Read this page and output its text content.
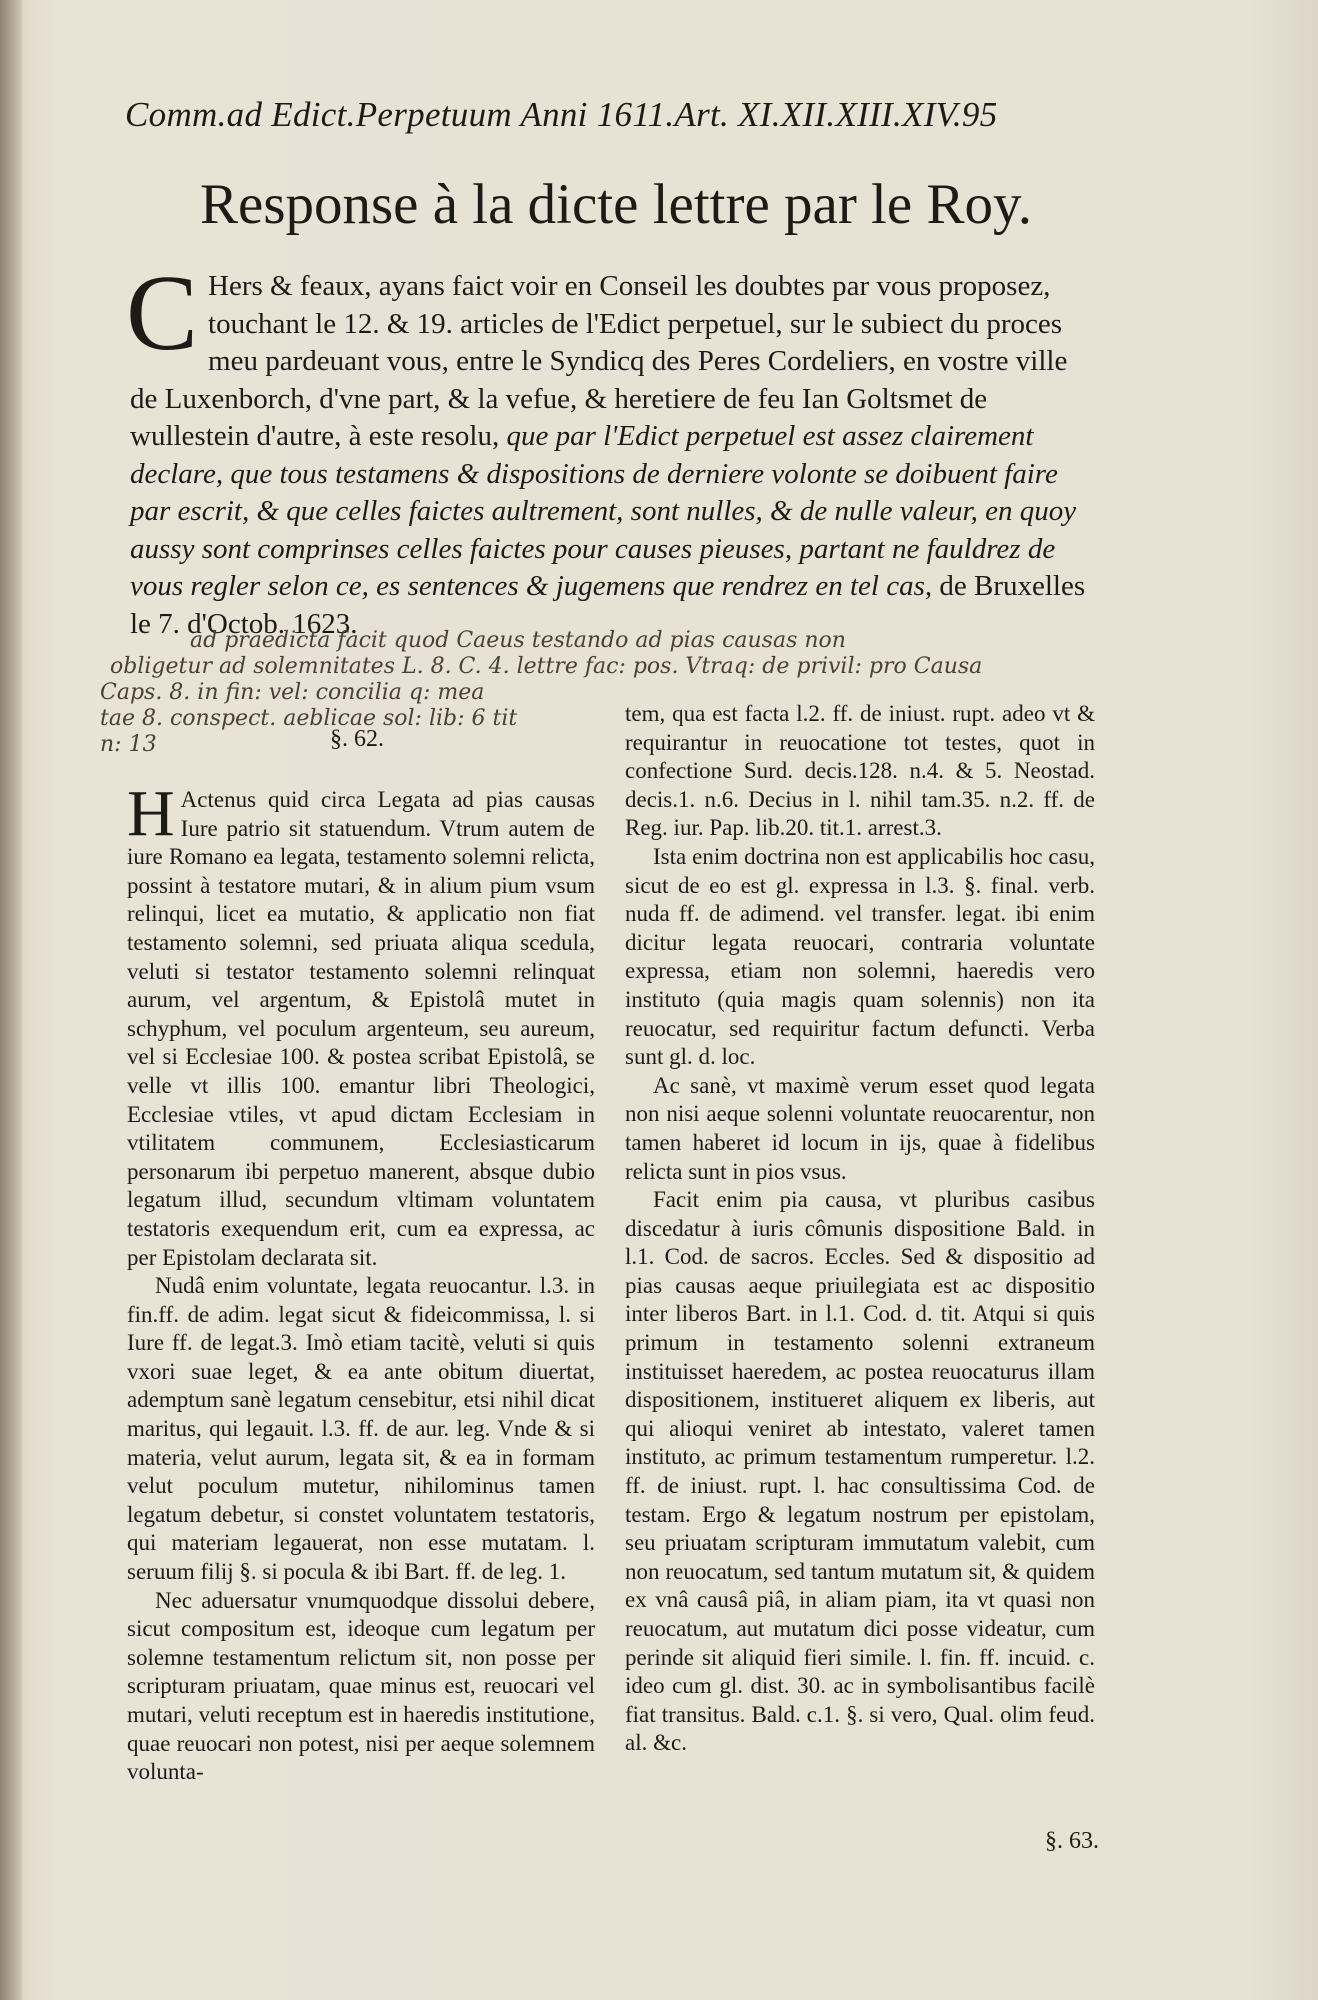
Comm.ad Edict.Perpetuum Anni 1611.Art. XI.XII.XIII.XIV.95
Response à la dicte lettre par le Roy.
C Hers & feaux, ayans faict voir en Conseil les doubtes par vous proposez, touchant le 12. & 19. articles de l'Edict perpetuel, sur le subiect du proces meu pardeuant vous, entre le Syndicq des Peres Cordeliers, en vostre ville de Luxenborch, d'vne part, & la vefue, & heretiere de feu Ian Goltsmet de wullestein d'autre, à este resolu, que par l'Edict perpetuel est assez clairement declare, que tous testamens & dispositions de derniere volonte se doibuent faire par escrit, & que celles faictes aultrement, sont nulles, & de nulle valeur, en quoy aussy sont comprinses celles faictes pour causes pieuses, partant ne fauldrez de vous regler selon ce, es sentences & jugemens que rendrez en tel cas, de Bruxelles le 7. d'Octob. 1623.
ad praedicta facit quod Caeus testando ad pias causas non
obligetur ad solemnitates L. 8. C. 4. lettre fac: pos. Vtraq: de privil: pro Causa
Caps. 8. in fin: vel: concilia q: mea
tae 8. conspect. aeblicae sol: lib: 6 tit
n: 13	§. 62.

H Actenus quid circa Legata ad pias causas Iure patrio sit statuendum. Vtrum autem de iure Romano ea legata, testamento solemni relicta, possint à testatore mutari, & in alium pium vsum relinqui, licet ea mutatio, & applicatio non fiat testamento solemni, sed priuata aliqua scedula, veluti si testator testamento solemni relinquat aurum, vel argentum, & Epistolâ mutet in schyphum, vel poculum argenteum, seu aureum, vel si Ecclesiae 100. & postea scribat Epistolâ, se velle vt illis 100. emantur libri Theologici, Ecclesiae vtiles, vt apud dictam Ecclesiam in vtilitatem communem, Ecclesiasticarum personarum ibi perpetuo manerent, absque dubio legatum illud, secundum vltimam voluntatem testatoris exequendum erit, cum ea expressa, ac per Epistolam declarata sit.

Nudâ enim voluntate, legata reuocantur. l.3. in fin.ff. de adim. legat sicut & fideicommissa, l. si Iure ff. de legat.3. Imò etiam tacitè, veluti si quis vxori suae leget, & ea ante obitum diuertat, ademptum sanè legatum censebitur, etsi nihil dicat maritus, qui legauit. l.3. ff. de aur. leg. Vnde & si materia, velut aurum, legata sit, & ea in formam velut poculum mutetur, nihilominus tamen legatum debetur, si constet voluntatem testatoris, qui materiam legauerat, non esse mutatam. l. seruum filij §. si pocula & ibi Bart. ff. de leg. 1.

Nec aduersatur vnumquodque dissolui debere, sicut compositum est, ideoque cum legatum per solemne testamentum relictum sit, non posse per scripturam priuatam, quae minus est, reuocari vel mutari, veluti receptum est in haeredis institutione, quae reuocari non potest, nisi per aeque solemnem volunta-

tem, qua est facta l.2. ff. de iniust. rupt. adeo vt & requirantur in reuocatione tot testes, quot in confectione Surd. decis.128. n.4. & 5. Neostad. decis.1. n.6. Decius in l. nihil tam.35. n.2. ff. de Reg. iur. Pap. lib.20. tit.1. arrest.3.

Ista enim doctrina non est applicabilis hoc casu, sicut de eo est gl. expressa in l.3. §. final. verb. nuda ff. de adimend. vel transfer. legat. ibi enim dicitur legata reuocari, contraria voluntate expressa, etiam non solemni, haeredis vero instituto (quia magis quam solennis) non ita reuocatur, sed requiritur factum defuncti. Verba sunt gl. d. loc.

Ac sanè, vt maximè verum esset quod legata non nisi aeque solenni voluntate reuocarentur, non tamen haberet id locum in ijs, quae à fidelibus relicta sunt in pios vsus.

Facit enim pia causa, vt pluribus casibus discedatur à iuris cômunis dispositione Bald. in l.1. Cod. de sacros. Eccles. Sed & dispositio ad pias causas aeque priuilegiata est ac dispositio inter liberos Bart. in l.1. Cod. d. tit. Atqui si quis primum in testamento solenni extraneum instituisset haeredem, ac postea reuocaturus illam dispositionem, institueret aliquem ex liberis, aut qui alioqui veniret ab intestato, valeret tamen instituto, ac primum testamentum rumperetur. l.2. ff. de iniust. rupt. l. hac consultissima Cod. de testam. Ergo & legatum nostrum per epistolam, seu priuatam scripturam immutatum valebit, cum non reuocatum, sed tantum mutatum sit, & quidem ex vnâ causâ piâ, in aliam piam, ita vt quasi non reuocatum, aut mutatum dici posse videatur, cum perinde sit aliquid fieri simile. l. fin. ff. incuid. c. ideo cum gl. dist. 30. ac in symbolisantibus facilè fiat transitus. Bald. c.1. §. si vero, Qual. olim feud. al. &c.

§. 63.
